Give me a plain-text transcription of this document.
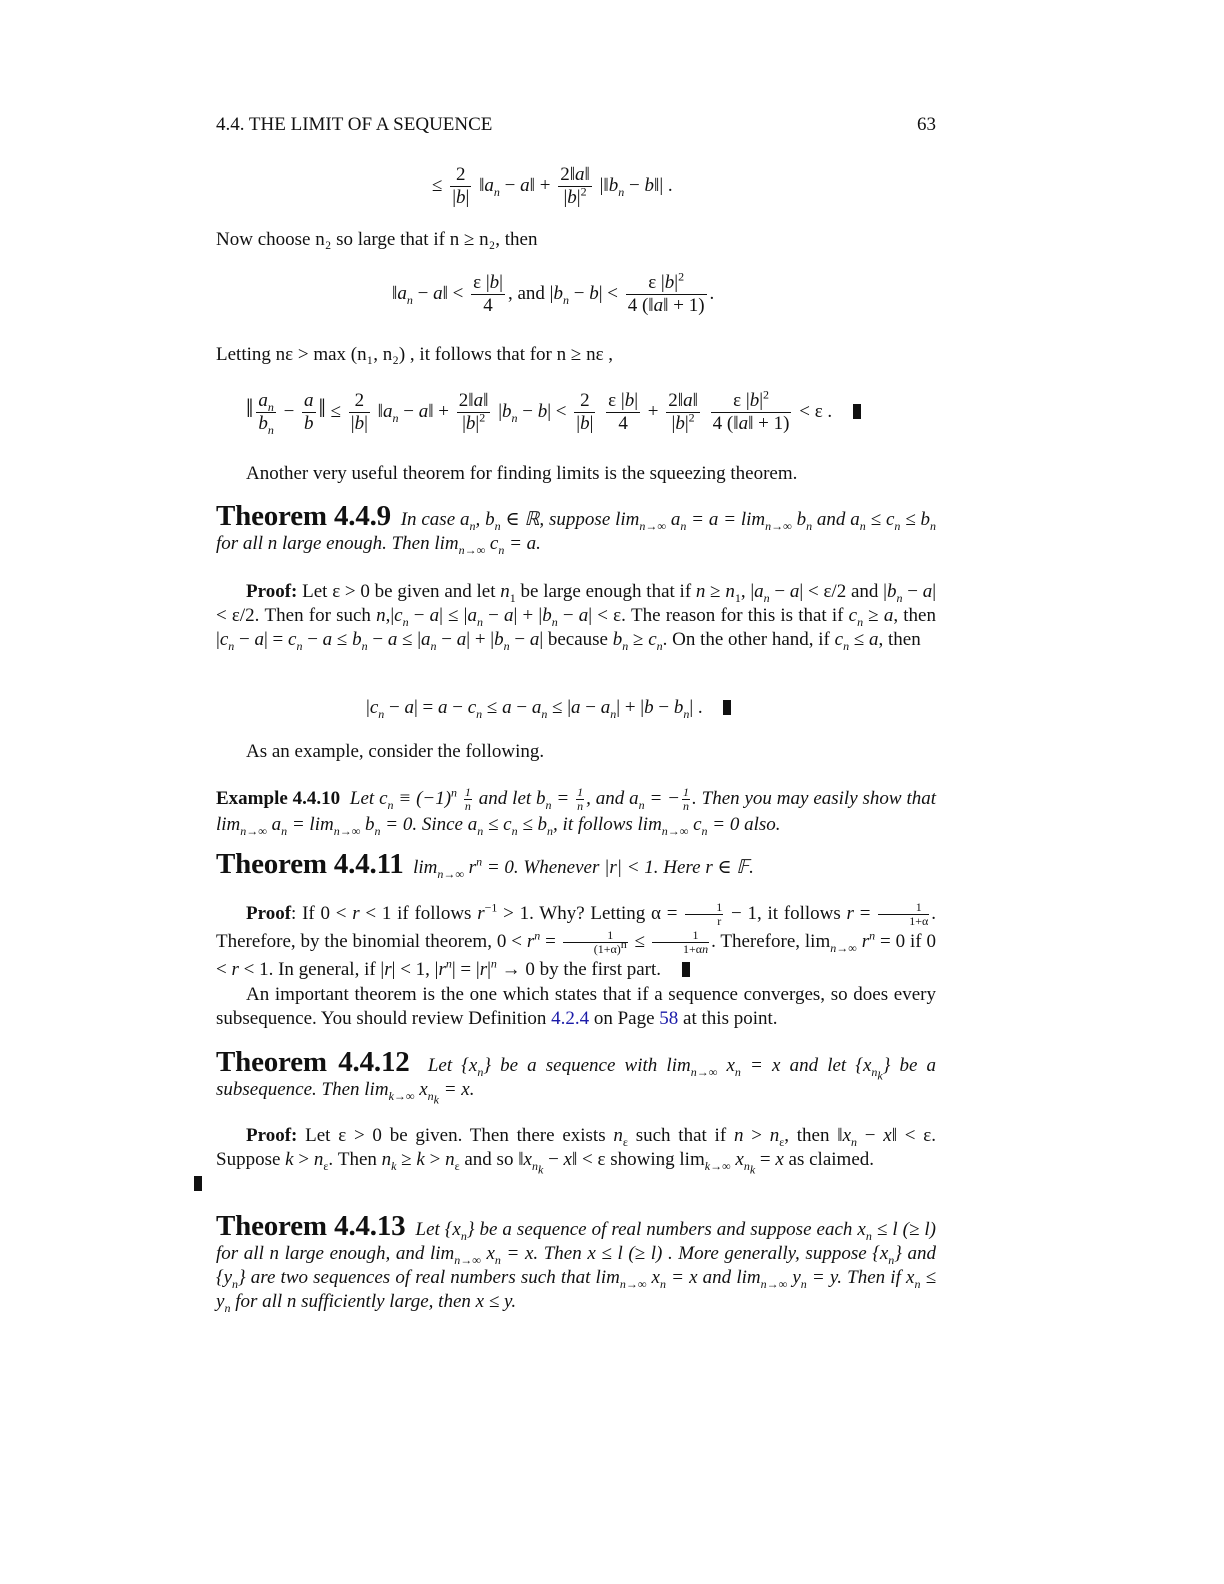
4.4. THE LIMIT OF A SEQUENCE	63
≤ $\frac{2}{|b|}$ $‖a_n$ − a‖ + $\frac{2‖a‖}{|b|^2}$ $|‖b_n$ − b‖| .
Now choose n₂ so large that if n ≥ n₂, then
$‖a_n$ − a‖ < $\frac{\varepsilon |b|}{4}$ , and $|b_n - b| < \frac{\varepsilon |b|^2}{4 (‖a‖ + 1)}$ .
Letting nε > max (n₁, n₂) , it follows that for n ≥ nε ,
‖ $\frac{a_n}{b_n} - \frac{a}{b}$ ‖ ≤ $\frac{2}{|b|}$ $‖a_n$ − a‖ + $\frac{2‖a‖}{|b|^2} |b_n - b| < \frac{2}{|b|}$
$\frac{\varepsilon |b|}{4} + \frac{2‖a‖}{|b|^2}$
$\frac{\varepsilon |b|^2}{4 (‖a‖ + 1)} < \varepsilon$ .
Another very useful theorem for finding limits is the squeezing theorem.
Theorem 4.4.9  In case $a_n$, $b_n$ ∈ ℝ, suppose $\lim_{n\to\infty} a_n = a = \lim_{n\to\infty} b_n$ and $a_n \le c_n \le b_n$ for all n large enough. Then $\lim_{n\to\infty} c_n = a$.
Proof: Let ε > 0 be given and let $n_1$ be large enough that if $n \ge n_1$, $|a_n - a| < \varepsilon/2$ and $|b_n - a| < \varepsilon/2$. Then for such $n,|c_n - a| \le |a_n - a| + |b_n - a| < \varepsilon$. The reason for this is that if $c_n \ge a$, then $|c_n - a| = c_n - a \le b_n - a \le |a_n - a| + |b_n - a|$ because $b_n \ge c_n$. On the other hand, if $c_n \le a$, then
$|c_n - a| = a - c_n \le a - a_n \le |a - a_n| + |b - b_n|$ .
As an example, consider the following.
Example 4.4.10  Let $c_n \equiv (-1)^n \frac{1}{n}$ and let $b_n = \frac{1}{n}$ , and $a_n$ = − $\frac{1}{n}$ . Then you may easily show that $\lim_{n\to\infty} a_n = \lim_{n\to\infty} b_n = 0$. Since $a_n \le c_n \le b_n$, it follows $\lim_{n\to\infty} c_n = 0$ also.
Theorem 4.4.11  $\lim_{n\to\infty} r^n = 0$. Whenever |r| < 1. Here r ∈ 𝔽.
Proof: If 0 < r < 1 if follows $r^{-1} > 1$. Why? Letting $\alpha = \frac{1}{r} - 1$, it follows $r = \frac{1}{1+\alpha}$ . Therefore, by the binomial theorem, $0 < r^n = \frac{1}{(1+\alpha)^n} \le \frac{1}{1+\alpha n}$ . Therefore, $\lim_{n\to\infty} r^n = 0$ if 0 < r < 1. In general, if |r| < 1, $|r^n| = |r|^n \to 0$ by the first part.
An important theorem is the one which states that if a sequence converges, so does every subsequence. You should review Definition 4.2.4 on Page 58 at this point.
Theorem 4.4.12  Let $\{x_n\}$ be a sequence with $\lim_{n\to\infty} x_n = x$ and let $\{x_{n_k}\}$ be a subsequence. Then $\lim_{k\to\infty} x_{n_k} = x$.
Proof: Let ε > 0 be given. Then there exists $n_\varepsilon$ such that if $n > n_\varepsilon$, then $‖x_n$ − x‖ < ε. Suppose $k > n_\varepsilon$. Then $n_k \ge k > n_\varepsilon$ and so $‖x_{n_k}$ − x‖ < ε showing $\lim_{k\to\infty} x_{n_k} = x$ as claimed.

Theorem 4.4.13  Let $\{x_n\}$ be a sequence of real numbers and suppose each $x_n \le l$ (≥ l) for all n large enough, and $\lim_{n\to\infty} x_n = x$. Then x ≤ l (≥ l) . More generally, suppose $\{x_n\}$ and $\{y_n\}$ are two sequences of real numbers such that $\lim_{n\to\infty} x_n = x$ and $\lim_{n\to\infty} y_n = y$. Then if $x_n \le y_n$ for all n sufficiently large, then x ≤ y.
